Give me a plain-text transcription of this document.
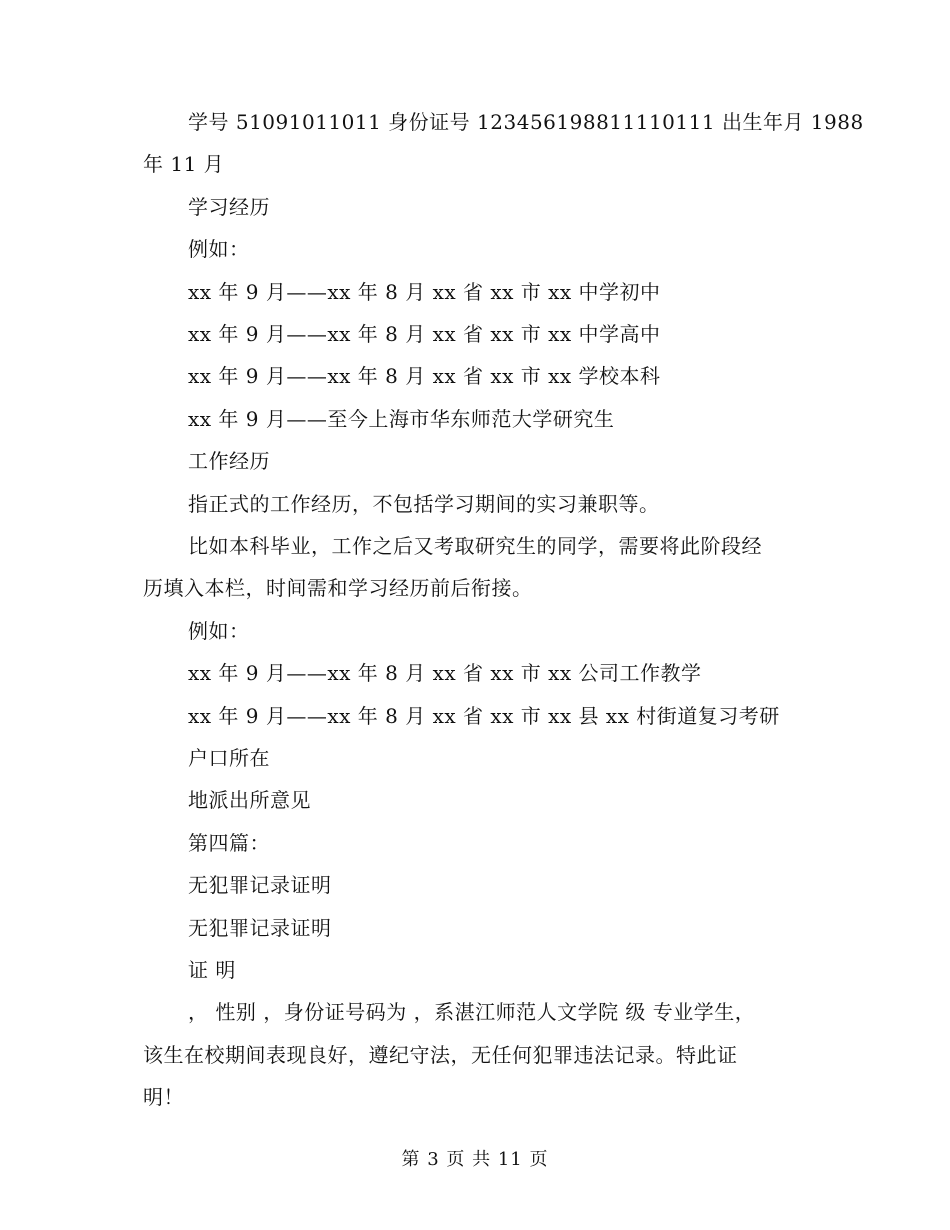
学号 51091011011 身份证号 123456198811110111 出生年月 1988
年 11 月
学习经历
例如：
xx 年 9 月——xx 年 8 月 xx 省 xx 市 xx 中学初中
xx 年 9 月——xx 年 8 月 xx 省 xx 市 xx 中学高中
xx 年 9 月——xx 年 8 月 xx 省 xx 市 xx 学校本科
xx 年 9 月——至今上海市华东师范大学研究生
工作经历
指正式的工作经历，不包括学习期间的实习兼职等。
比如本科毕业，工作之后又考取研究生的同学，需要将此阶段经
历填入本栏，时间需和学习经历前后衔接。
例如：
xx 年 9 月——xx 年 8 月 xx 省 xx 市 xx 公司工作教学
xx 年 9 月——xx 年 8 月 xx 省 xx 市 xx 县 xx 村街道复习考研
户口所在
地派出所意见
第四篇：
无犯罪记录证明
无犯罪记录证明
证 明
， 性别 ，身份证号码为 ，系湛江师范人文学院 级 专业学生，
该生在校期间表现良好，遵纪守法，无任何犯罪违法记录。特此证
明！
第 3 页 共 11 页
